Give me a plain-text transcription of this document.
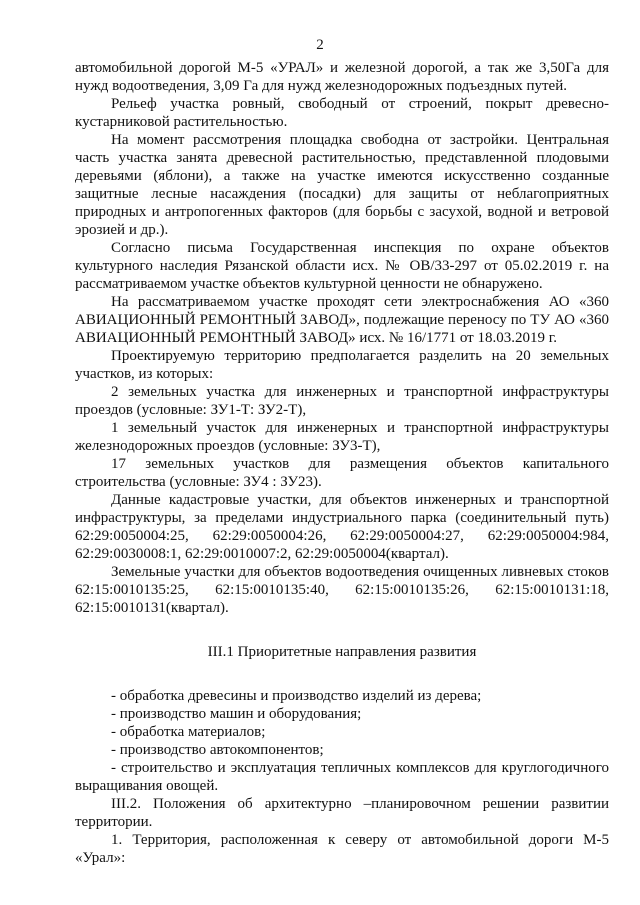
2

автомобильной дорогой М-5 «УРАЛ» и железной дорогой, а так же 3,50Га для нужд водоотведения, 3,09 Га для нужд железнодорожных подъездных путей.

Рельеф участка ровный, свободный от строений, покрыт древесно-кустарниковой растительностью.

На момент рассмотрения площадка свободна от застройки. Центральная часть участка занята древесной растительностью, представленной плодовыми деревьями (яблони), а также на участке имеются искусственно созданные защитные лесные насаждения (посадки) для защиты от неблагоприятных природных и антропогенных факторов (для борьбы с засухой, водной и ветровой эрозией и др.).

Согласно письма Государственная инспекция по охране объектов культурного наследия Рязанской области исх. № ОВ/33-297 от 05.02.2019 г. на рассматриваемом участке объектов культурной ценности не обнаружено.

На рассматриваемом участке проходят сети электроснабжения АО «360 АВИАЦИОННЫЙ РЕМОНТНЫЙ ЗАВОД», подлежащие переносу по ТУ АО «360 АВИАЦИОННЫЙ РЕМОНТНЫЙ ЗАВОД» исх. № 16/1771 от 18.03.2019 г.

Проектируемую территорию предполагается разделить на 20 земельных участков, из которых:

2 земельных участка для инженерных и транспортной инфраструктуры проездов (условные: ЗУ1-Т: ЗУ2-Т),

1 земельный участок для инженерных и транспортной инфраструктуры железнодорожных проездов (условные: ЗУ3-Т),

17 земельных участков для размещения объектов капитального строительства (условные: ЗУ4 : ЗУ23).

Данные кадастровые участки, для объектов инженерных и транспортной инфраструктуры, за пределами индустриального парка (соединительный путь) 62:29:0050004:25, 62:29:0050004:26, 62:29:0050004:27, 62:29:0050004:984, 62:29:0030008:1, 62:29:0010007:2, 62:29:0050004(квартал).

Земельные участки для объектов водоотведения очищенных ливневых стоков 62:15:0010135:25, 62:15:0010135:40, 62:15:0010135:26, 62:15:0010131:18, 62:15:0010131(квартал).

III.1 Приоритетные направления развития

- обработка древесины и производство изделий из дерева;

- производство машин и оборудования;

- обработка материалов;

- производство автокомпонентов;

- строительство и эксплуатация тепличных комплексов для круглогодичного выращивания овощей.

III.2. Положения об архитектурно –планировочном решении развитии территории.

1. Территория, расположенная к северу от автомобильной дороги М-5 «Урал»:
